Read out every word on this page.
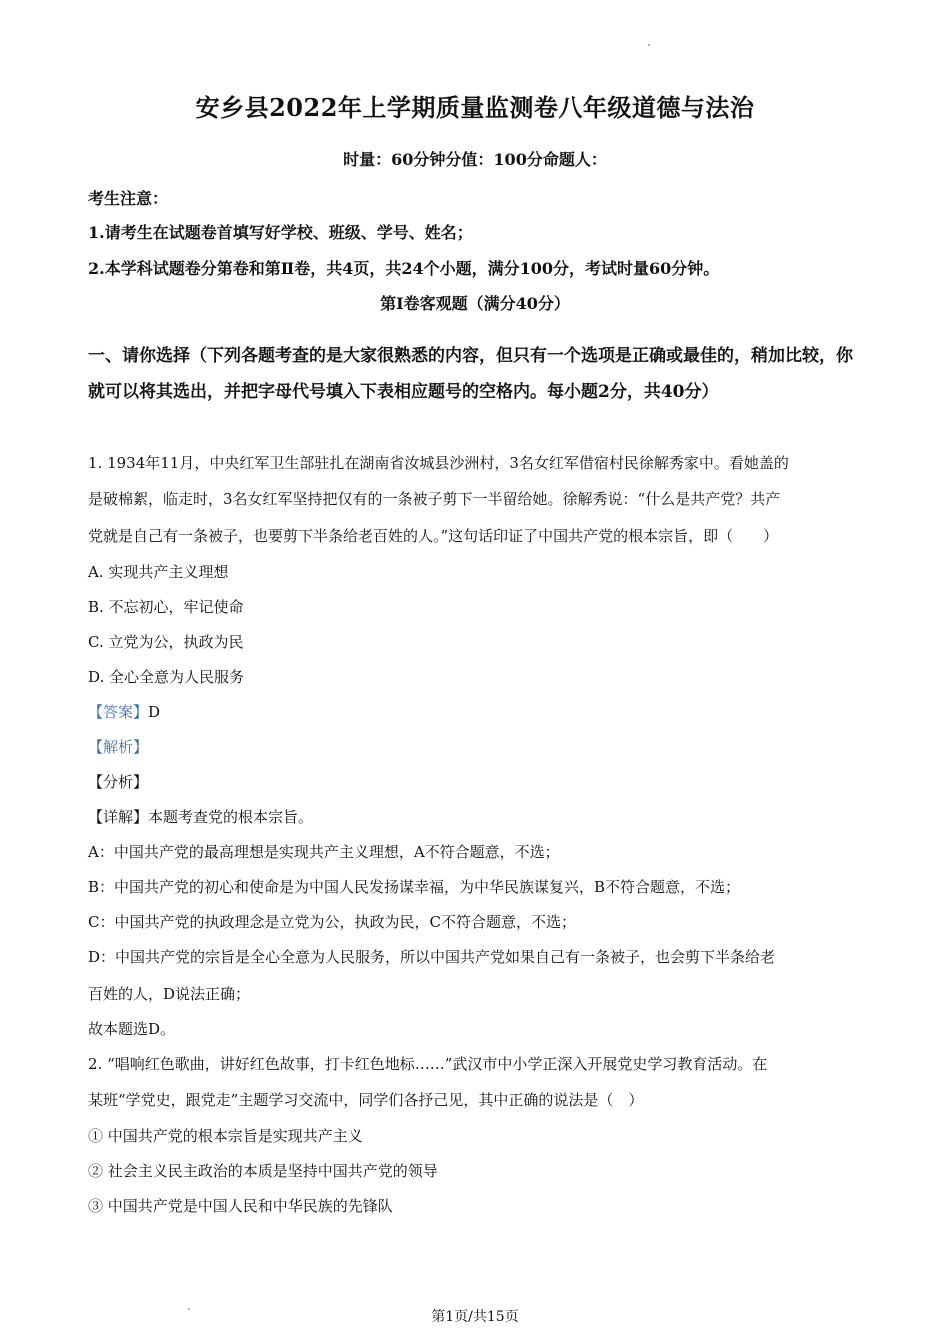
安乡县2022年上学期质量监测卷八年级道德与法治
时量：60分钟分值：100分命题人：
考生注意：
1.请考生在试题卷首填写好学校、班级、学号、姓名；
2.本学科试题卷分第卷和第Ⅱ卷，共4页，共24个小题，满分100分，考试时量60分钟。
第Ⅰ卷客观题（满分40分）
一、请你选择（下列各题考查的是大家很熟悉的内容，但只有一个选项是正确或最佳的，稍加比较，你就可以将其选出，并把字母代号填入下表相应题号的空格内。每小题2分，共40分）
1. 1934年11月，中央红军卫生部驻扎在湖南省汝城县沙洲村，3名女红军借宿村民徐解秀家中。看她盖的
是破棉絮，临走时，3名女红军坚持把仅有的一条被子剪下一半留给她。徐解秀说：“什么是共产党？共产
党就是自己有一条被子，也要剪下半条给老百姓的人。”这句话印证了中国共产党的根本宗旨，即（　　）
A. 实现共产主义理想
B. 不忘初心，牢记使命
C. 立党为公，执政为民
D. 全心全意为人民服务
【答案】D
【解析】
【分析】
【详解】本题考查党的根本宗旨。
A：中国共产党的最高理想是实现共产主义理想，A不符合题意，不选；
B：中国共产党的初心和使命是为中国人民发扬谋幸福，为中华民族谋复兴，B不符合题意，不选；
C：中国共产党的执政理念是立党为公，执政为民，C不符合题意，不选；
D：中国共产党的宗旨是全心全意为人民服务，所以中国共产党如果自己有一条被子，也会剪下半条给老
百姓的人，D说法正确；
故本题选D。
2. “唱响红色歌曲，讲好红色故事，打卡红色地标……”武汉市中小学正深入开展党史学习教育活动。在
某班“学党史，跟党走”主题学习交流中，同学们各抒己见，其中正确的说法是（　）
① 中国共产党的根本宗旨是实现共产主义
② 社会主义民主政治的本质是坚持中国共产党的领导
③ 中国共产党是中国人民和中华民族的先锋队
第1页/共15页
